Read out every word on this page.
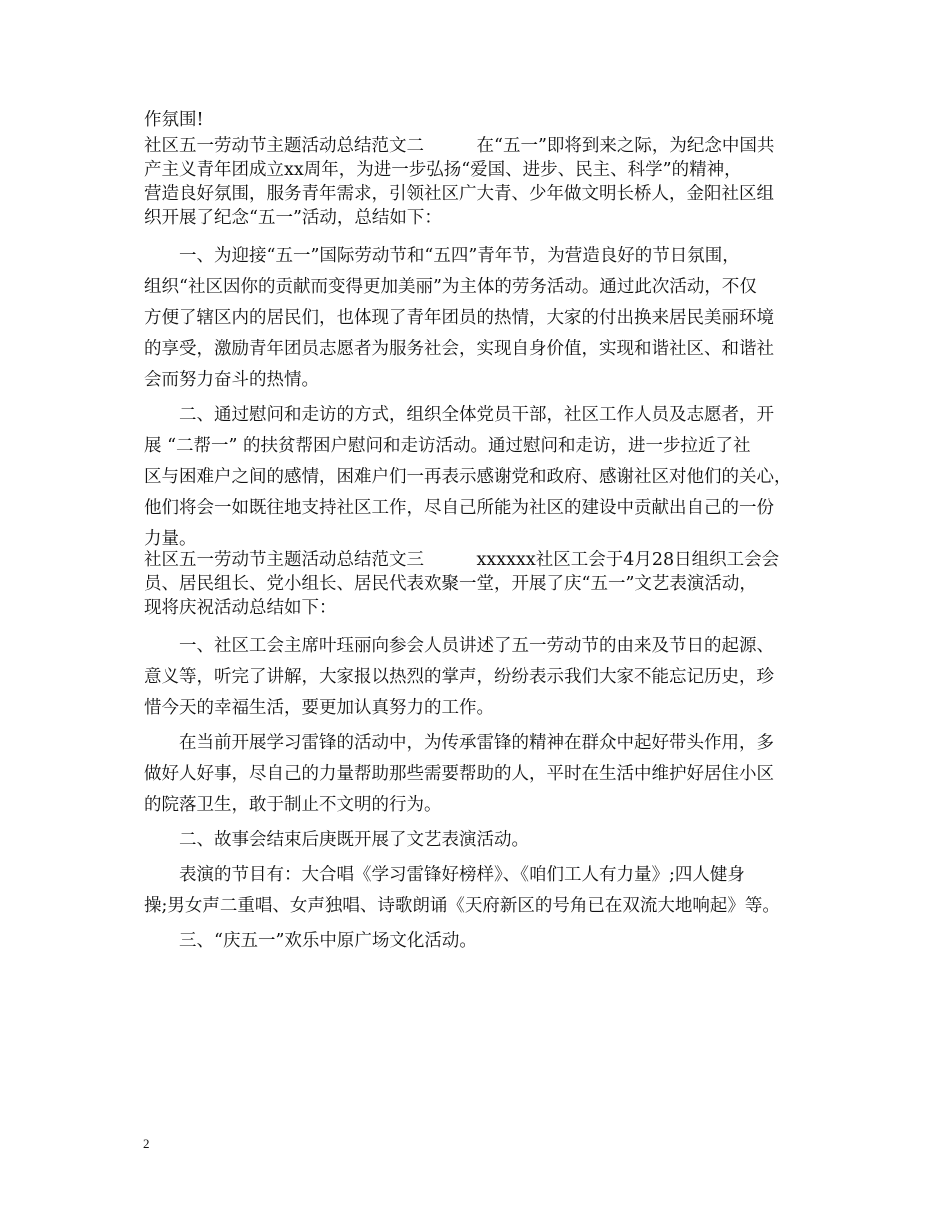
作氛围!
社区五一劳动节主题活动总结范文二　　　在“五一”即将到来之际，为纪念中国共
产主义青年团成立xx周年，为进一步弘扬“爱国、进步、民主、科学”的精神，
营造良好氛围，服务青年需求，引领社区广大青、少年做文明长桥人，金阳社区组
织开展了纪念“五一”活动，总结如下：
一、为迎接“五一”国际劳动节和“五四”青年节，为营造良好的节日氛围，
组织“社区因你的贡献而变得更加美丽”为主体的劳务活动。通过此次活动，不仅
方便了辖区内的居民们，也体现了青年团员的热情，大家的付出换来居民美丽环境
的享受，激励青年团员志愿者为服务社会，实现自身价值，实现和谐社区、和谐社
会而努力奋斗的热情。
二、通过慰问和走访的方式，组织全体党员干部，社区工作人员及志愿者，开
展 “二帮一” 的扶贫帮困户慰问和走访活动。通过慰问和走访，进一步拉近了社
区与困难户之间的感情，困难户们一再表示感谢党和政府、感谢社区对他们的关心，
他们将会一如既往地支持社区工作，尽自己所能为社区的建设中贡献出自己的一份
力量。
社区五一劳动节主题活动总结范文三　　　xxxxxx社区工会于4月28日组织工会会
员、居民组长、党小组长、居民代表欢聚一堂，开展了庆“五一”文艺表演活动，
现将庆祝活动总结如下：
一、社区工会主席叶珏丽向参会人员讲述了五一劳动节的由来及节日的起源、
意义等，听完了讲解，大家报以热烈的掌声，纷纷表示我们大家不能忘记历史，珍
惜今天的幸福生活，要更加认真努力的工作。
在当前开展学习雷锋的活动中，为传承雷锋的精神在群众中起好带头作用，多
做好人好事，尽自己的力量帮助那些需要帮助的人，平时在生活中维护好居住小区
的院落卫生，敢于制止不文明的行为。
二、故事会结束后庚既开展了文艺表演活动。
表演的节目有：大合唱《学习雷锋好榜样》、《咱们工人有力量》;四人健身
操;男女声二重唱、女声独唱、诗歌朗诵《天府新区的号角已在双流大地响起》等。
三、“庆五一”欢乐中原广场文化活动。
2
